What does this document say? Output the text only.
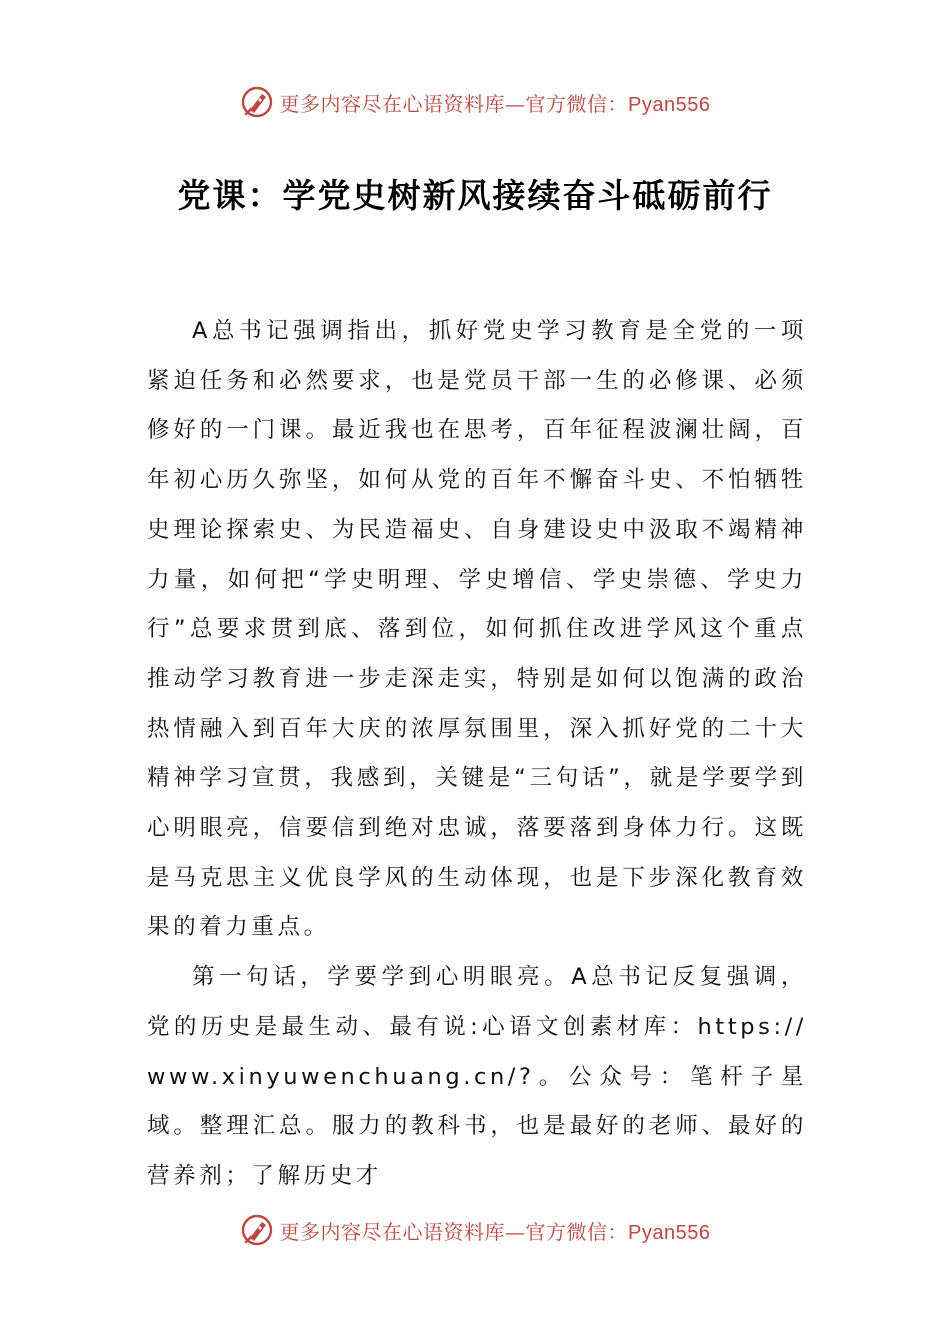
更多内容尽在心语资料库—官方微信：Pyan556
党课：学党史树新风接续奋斗砥砺前行

A总书记强调指出，抓好党史学习教育是全党的一项紧迫任务和必然要求，也是党员干部一生的必修课、必须修好的一门课。最近我也在思考，百年征程波澜壮阔，百年初心历久弥坚，如何从党的百年不懈奋斗史、不怕牺牲史理论探索史、为民造福史、自身建设史中汲取不竭精神力量，如何把“学史明理、学史增信、学史崇德、学史力行”总要求贯到底、落到位，如何抓住改进学风这个重点推动学习教育进一步走深走实，特别是如何以饱满的政治热情融入到百年大庆的浓厚氛围里，深入抓好党的二十大精神学习宣贯，我感到，关键是“三句话”，就是学要学到心明眼亮，信要信到绝对忠诚，落要落到身体力行。这既是马克思主义优良学风的生动体现，也是下步深化教育效果的着力重点。

第一句话，学要学到心明眼亮。A总书记反复强调，党的历史是最生动、最有说:心语文创素材库：https://www.xinyuwenchuang.cn/?。公众号：笔杆子星域。整理汇总。服力的教科书，也是最好的老师、最好的营养剂；了解历史才

更多内容尽在心语资料库—官方微信：Pyan556
